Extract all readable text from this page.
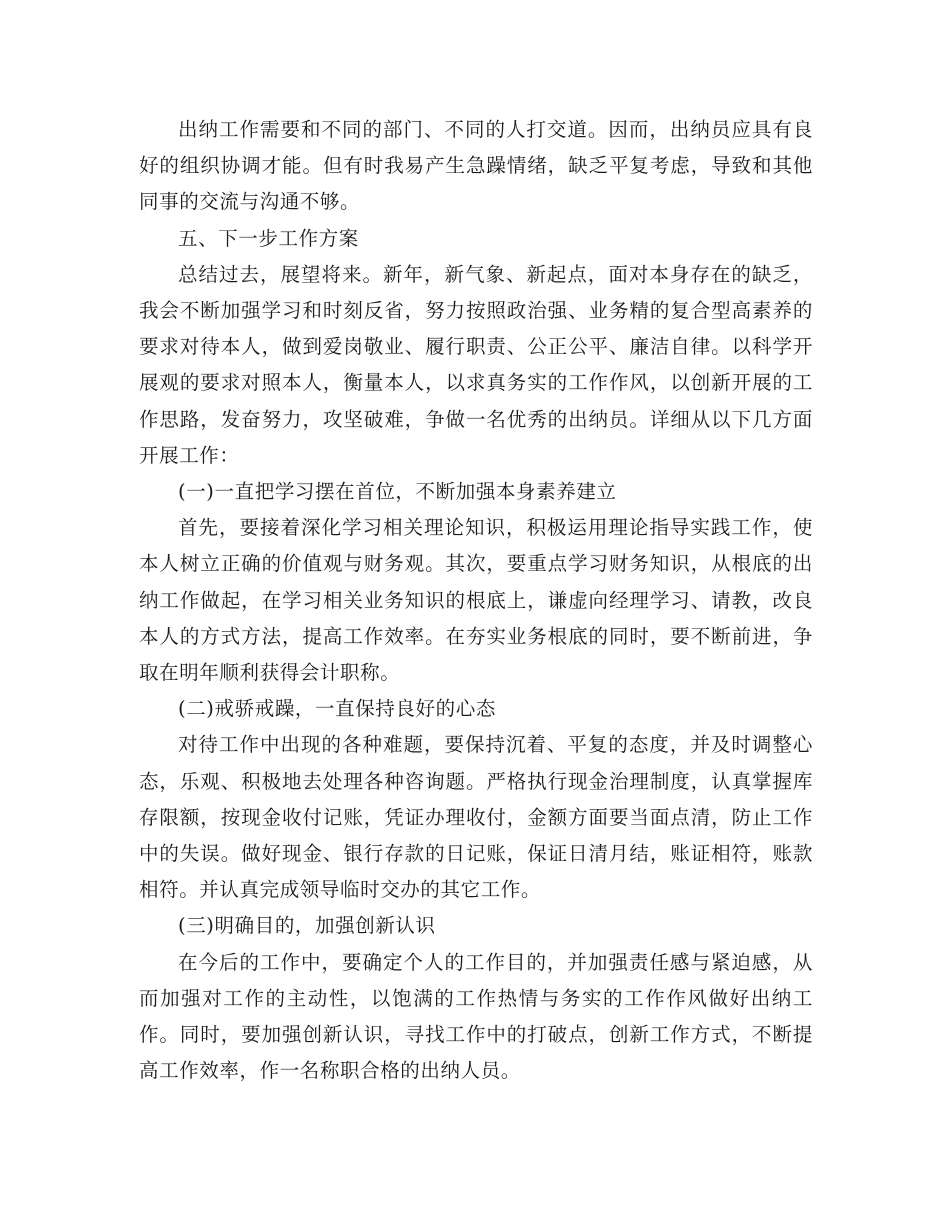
出纳工作需要和不同的部门、不同的人打交道。因而，出纳员应具有良好的组织协调才能。但有时我易产生急躁情绪，缺乏平复考虑，导致和其他同事的交流与沟通不够。

五、下一步工作方案

总结过去，展望将来。新年，新气象、新起点，面对本身存在的缺乏，我会不断加强学习和时刻反省，努力按照政治强、业务精的复合型高素养的要求对待本人，做到爱岗敬业、履行职责、公正公平、廉洁自律。以科学开展观的要求对照本人，衡量本人，以求真务实的工作作风，以创新开展的工作思路，发奋努力，攻坚破难，争做一名优秀的出纳员。详细从以下几方面开展工作：

(一)一直把学习摆在首位，不断加强本身素养建立

首先，要接着深化学习相关理论知识，积极运用理论指导实践工作，使本人树立正确的价值观与财务观。其次，要重点学习财务知识，从根底的出纳工作做起，在学习相关业务知识的根底上，谦虚向经理学习、请教，改良本人的方式方法，提高工作效率。在夯实业务根底的同时，要不断前进，争取在明年顺利获得会计职称。

(二)戒骄戒躁，一直保持良好的心态

对待工作中出现的各种难题，要保持沉着、平复的态度，并及时调整心态，乐观、积极地去处理各种咨询题。严格执行现金治理制度，认真掌握库存限额，按现金收付记账，凭证办理收付，金额方面要当面点清，防止工作中的失误。做好现金、银行存款的日记账，保证日清月结，账证相符，账款相符。并认真完成领导临时交办的其它工作。

(三)明确目的，加强创新认识

在今后的工作中，要确定个人的工作目的，并加强责任感与紧迫感，从而加强对工作的主动性，以饱满的工作热情与务实的工作作风做好出纳工作。同时，要加强创新认识，寻找工作中的打破点，创新工作方式，不断提高工作效率，作一名称职合格的出纳人员。
